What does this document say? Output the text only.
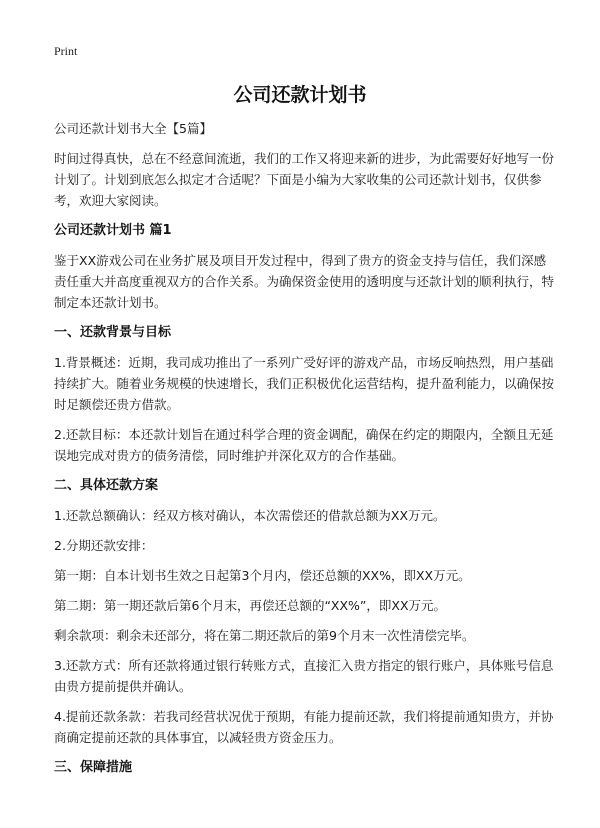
Print
公司还款计划书

公司还款计划书大全【5篇】

时间过得真快，总在不经意间流逝，我们的工作又将迎来新的进步，为此需要好好地写一份计划了。计划到底怎么拟定才合适呢？下面是小编为大家收集的公司还款计划书，仅供参考，欢迎大家阅读。

公司还款计划书 篇1

鉴于XX游戏公司在业务扩展及项目开发过程中，得到了贵方的资金支持与信任，我们深感责任重大并高度重视双方的合作关系。为确保资金使用的透明度与还款计划的顺利执行，特制定本还款计划书。

一、还款背景与目标

1.背景概述：近期，我司成功推出了一系列广受好评的游戏产品，市场反响热烈，用户基础持续扩大。随着业务规模的快速增长，我们正积极优化运营结构，提升盈利能力，以确保按时足额偿还贵方借款。

2.还款目标：本还款计划旨在通过科学合理的资金调配，确保在约定的期限内，全额且无延误地完成对贵方的债务清偿，同时维护并深化双方的合作基础。

二、具体还款方案

1.还款总额确认：经双方核对确认，本次需偿还的借款总额为XX万元。

2.分期还款安排：

第一期：自本计划书生效之日起第3个月内，偿还总额的XX%，即XX万元。

第二期：第一期还款后第6个月末，再偿还总额的“XX%”，即XX万元。

剩余款项：剩余未还部分，将在第二期还款后的第9个月末一次性清偿完毕。

3.还款方式：所有还款将通过银行转账方式，直接汇入贵方指定的银行账户，具体账号信息由贵方提前提供并确认。

4.提前还款条款：若我司经营状况优于预期，有能力提前还款，我们将提前通知贵方，并协商确定提前还款的具体事宜，以减轻贵方资金压力。

三、保障措施
